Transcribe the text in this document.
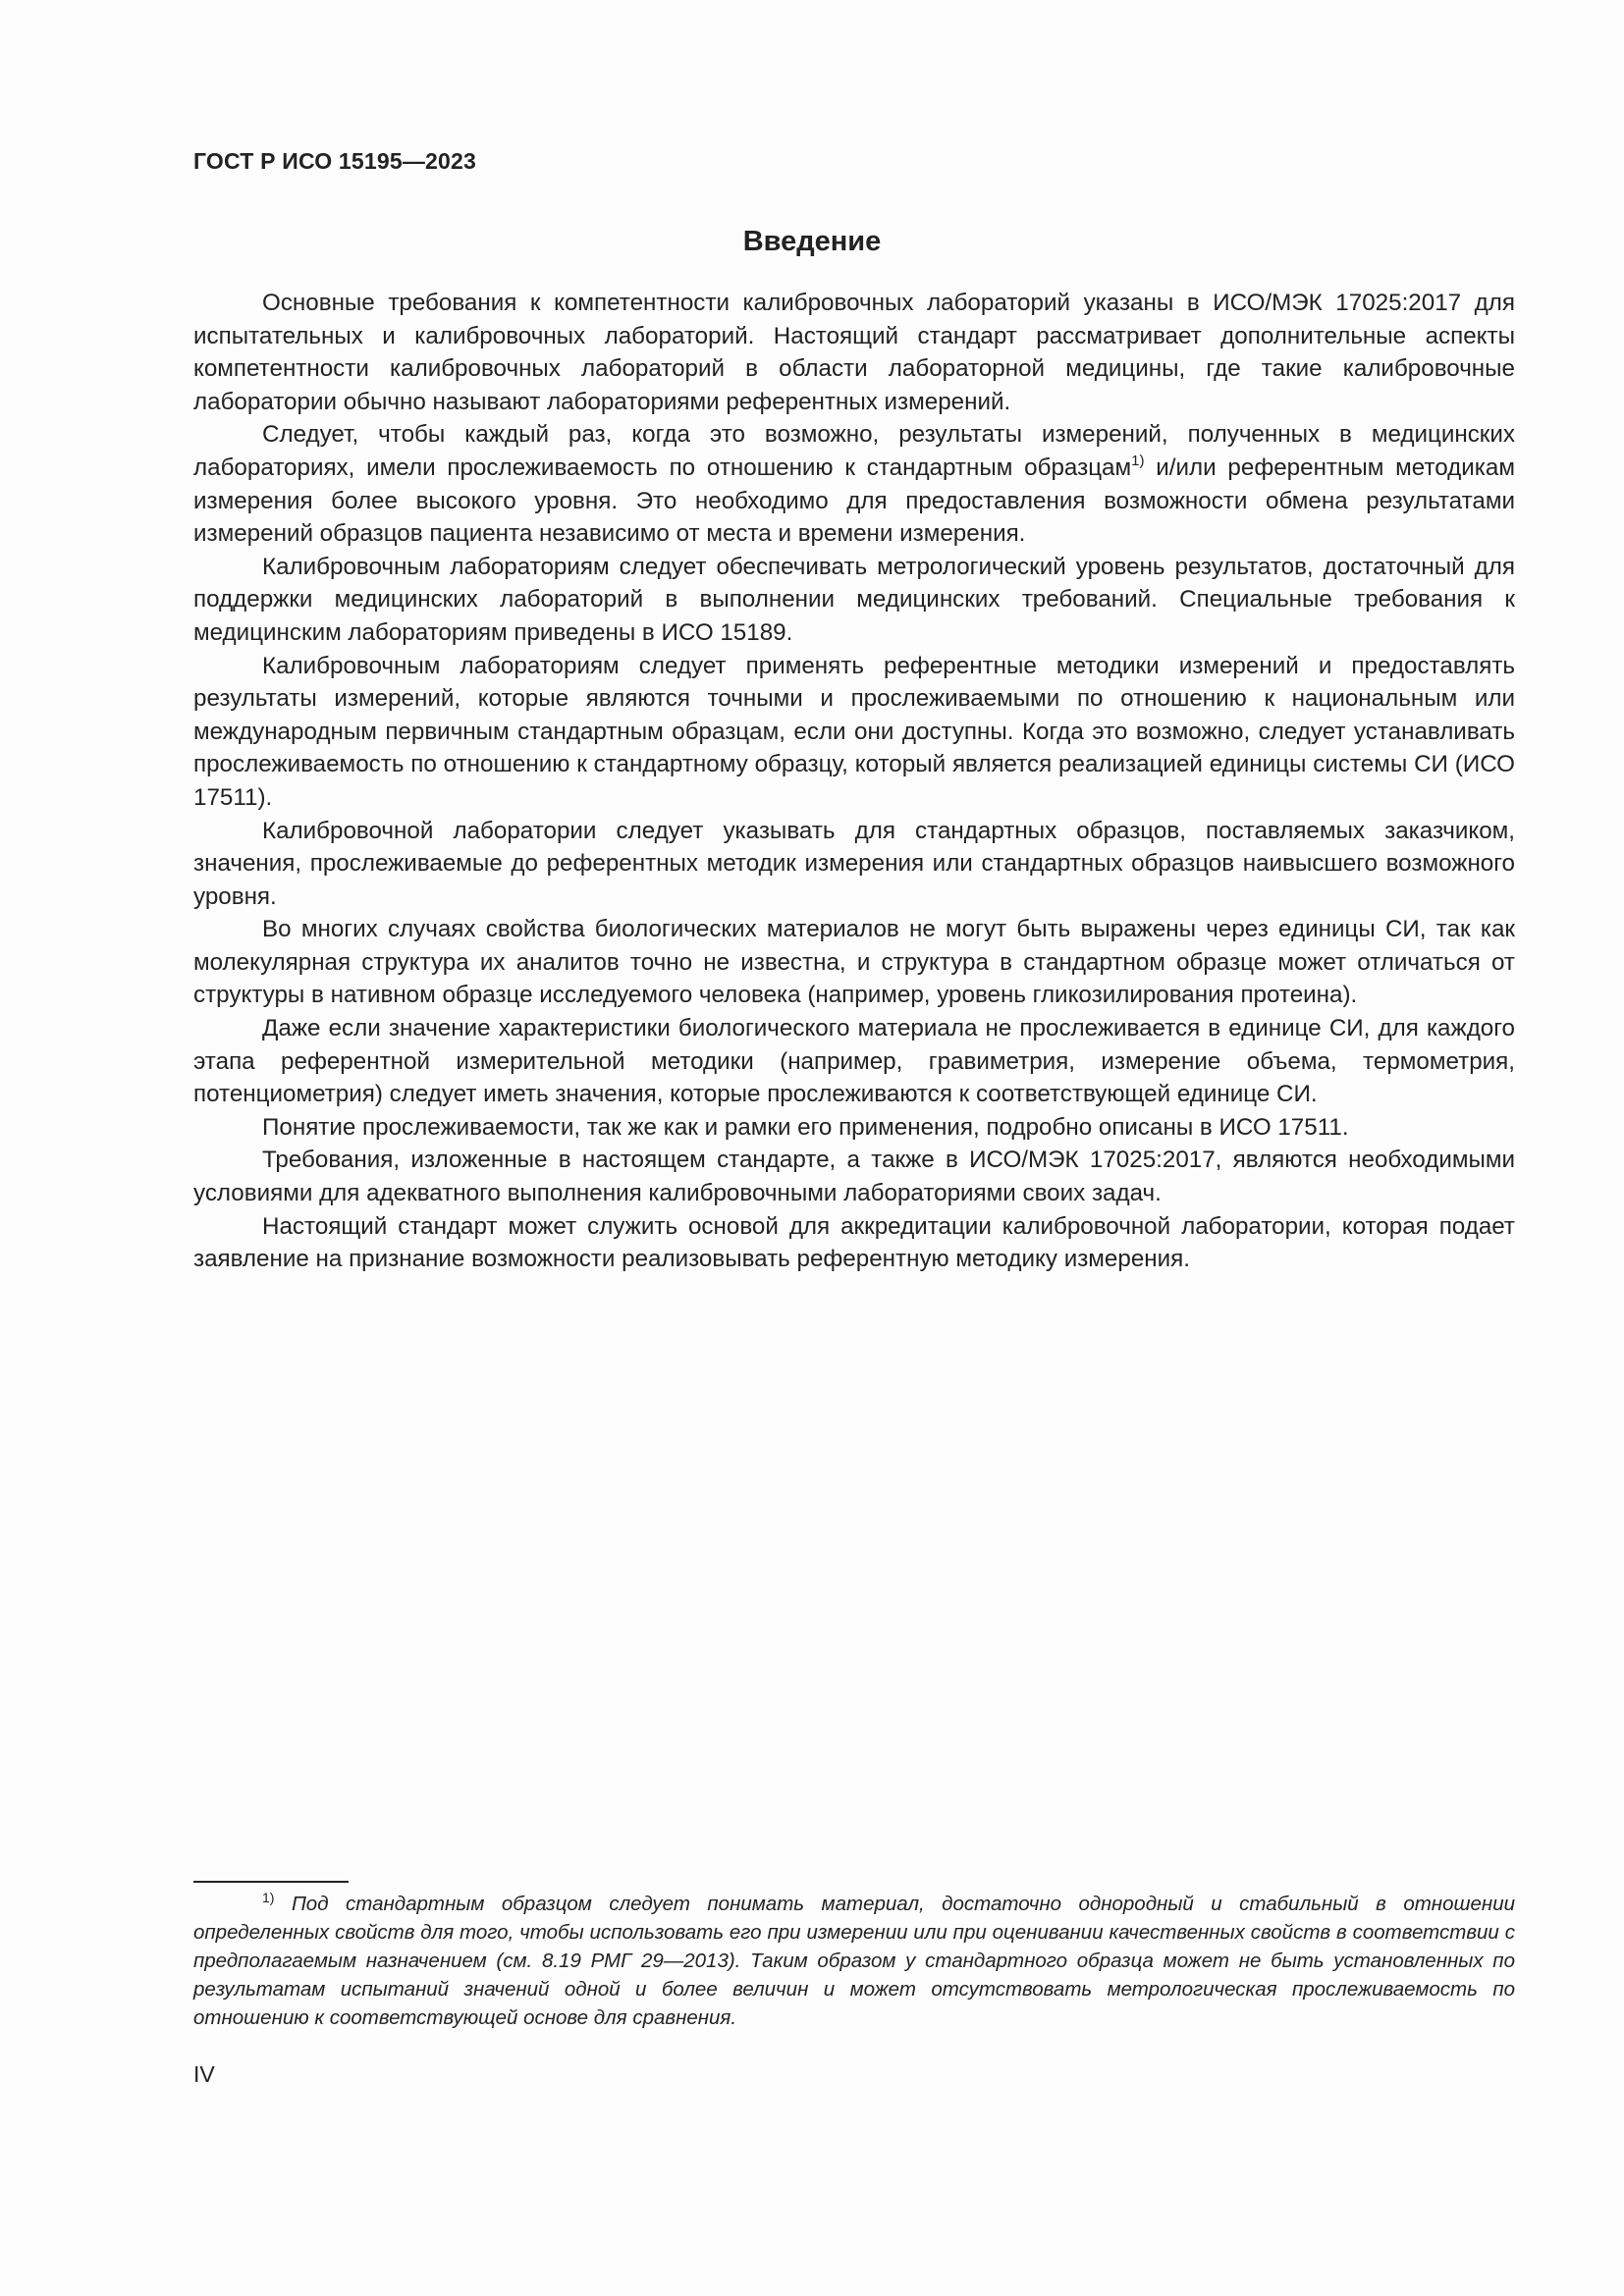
ГОСТ Р ИСО 15195—2023
Введение

Основные требования к компетентности калибровочных лабораторий указаны в ИСО/МЭК 17025:2017 для испытательных и калибровочных лабораторий. Настоящий стандарт рассматривает дополнительные аспекты компетентности калибровочных лабораторий в области лабораторной медицины, где такие калибровочные лаборатории обычно называют лабораториями референтных измерений.

Следует, чтобы каждый раз, когда это возможно, результаты измерений, полученных в медицинских лабораториях, имели прослеживаемость по отношению к стандартным образцам$^{1)}$ и/или референтным методикам измерения более высокого уровня. Это необходимо для предоставления возможности обмена результатами измерений образцов пациента независимо от места и времени измерения.

Калибровочным лабораториям следует обеспечивать метрологический уровень результатов, достаточный для поддержки медицинских лабораторий в выполнении медицинских требований. Специальные требования к медицинским лабораториям приведены в ИСО 15189.

Калибровочным лабораториям следует применять референтные методики измерений и предоставлять результаты измерений, которые являются точными и прослеживаемыми по отношению к национальным или международным первичным стандартным образцам, если они доступны. Когда это возможно, следует устанавливать прослеживаемость по отношению к стандартному образцу, который является реализацией единицы системы СИ (ИСО 17511).

Калибровочной лаборатории следует указывать для стандартных образцов, поставляемых заказчиком, значения, прослеживаемые до референтных методик измерения или стандартных образцов наивысшего возможного уровня.

Во многих случаях свойства биологических материалов не могут быть выражены через единицы СИ, так как молекулярная структура их аналитов точно не известна, и структура в стандартном образце может отличаться от структуры в нативном образце исследуемого человека (например, уровень гликозилирования протеина).

Даже если значение характеристики биологического материала не прослеживается в единице СИ, для каждого этапа референтной измерительной методики (например, гравиметрия, измерение объема, термометрия, потенциометрия) следует иметь значения, которые прослеживаются к соответствующей единице СИ.

Понятие прослеживаемости, так же как и рамки его применения, подробно описаны в ИСО 17511.

Требования, изложенные в настоящем стандарте, а также в ИСО/МЭК 17025:2017, являются необходимыми условиями для адекватного выполнения калибровочными лабораториями своих задач.

Настоящий стандарт может служить основой для аккредитации калибровочной лаборатории, которая подает заявление на признание возможности реализовывать референтную методику измерения.

$^{1)}$ Под стандартным образцом следует понимать материал, достаточно однородный и стабильный в отношении определенных свойств для того, чтобы использовать его при измерении или при оценивании качественных свойств в соответствии с предполагаемым назначением (см. 8.19 РМГ 29—2013). Таким образом у стандартного образца может не быть установленных по результатам испытаний значений одной и более величин и может отсутствовать метрологическая прослеживаемость по отношению к соответствующей основе для сравнения.

IV
